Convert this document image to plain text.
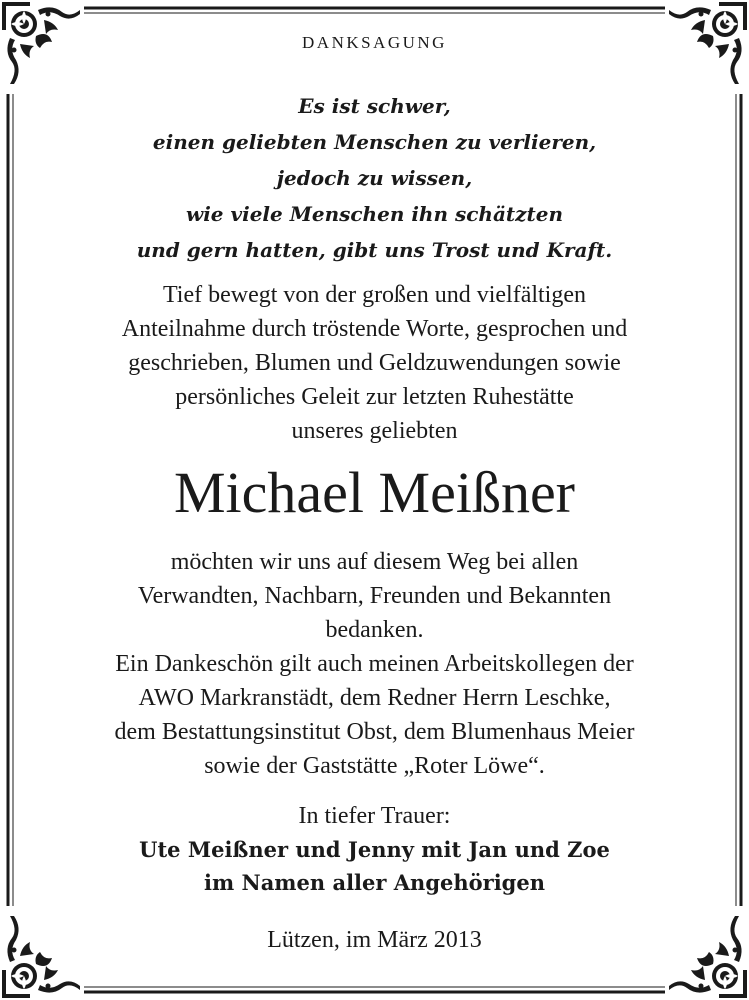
DANKSAGUNG
Es ist schwer,
einen geliebten Menschen zu verlieren,
jedoch zu wissen,
wie viele Menschen ihn schätzten
und gern hatten, gibt uns Trost und Kraft.
Tief bewegt von der großen und vielfältigen
Anteilnahme durch tröstende Worte, gesprochen und
geschrieben, Blumen und Geldzuwendungen sowie
persönliches Geleit zur letzten Ruhestätte
unseres geliebten
Michael Meißner
möchten wir uns auf diesem Weg bei allen
Verwandten, Nachbarn, Freunden und Bekannten
bedanken.
Ein Dankeschön gilt auch meinen Arbeitskollegen der
AWO Markranstädt, dem Redner Herrn Leschke,
dem Bestattungsinstitut Obst, dem Blumenhaus Meier
sowie der Gaststätte „Roter Löwe“.
In tiefer Trauer:
Ute Meißner und Jenny mit Jan und Zoe
im Namen aller Angehörigen
Lützen, im März 2013
